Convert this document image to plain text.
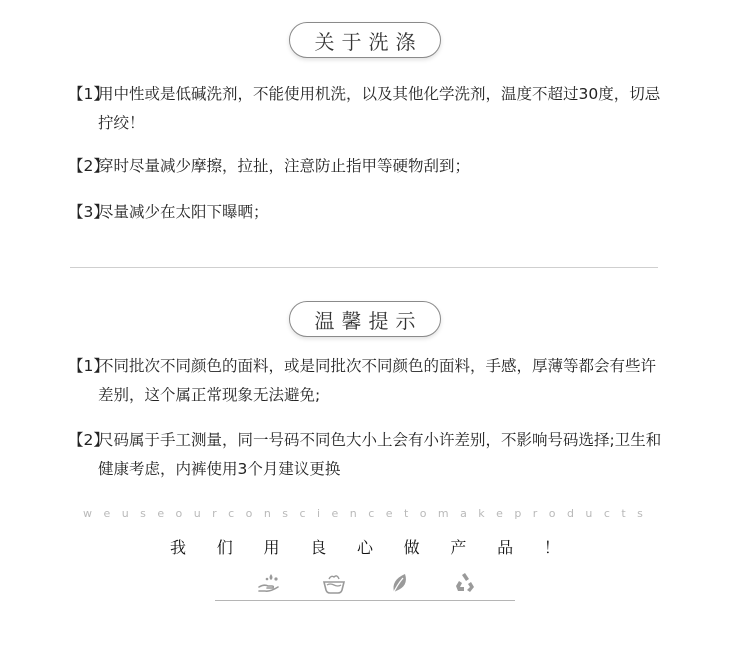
关于洗涤
【1】
用中性或是低碱洗剂，不能使用机洗，以及其他化学洗剂，温度不超过30度，切忌拧绞！
【2】
穿时尽量减少摩擦，拉扯，注意防止指甲等硬物刮到；
【3】
尽量减少在太阳下曝晒；
温馨提示
【1】
不同批次不同颜色的面料，或是同批次不同颜色的面料，手感，厚薄等都会有些许差别，这个属正常现象无法避免;
【2】
尺码属于手工测量，同一号码不同色大小上会有小许差别，不影响号码选择;卫生和健康考虑，内裤使用3个月建议更换
w e u s e o u r c o n s c i e n c e t o m a k e p r o d u c t s
我 们 用 良 心 做 产 品 ！
